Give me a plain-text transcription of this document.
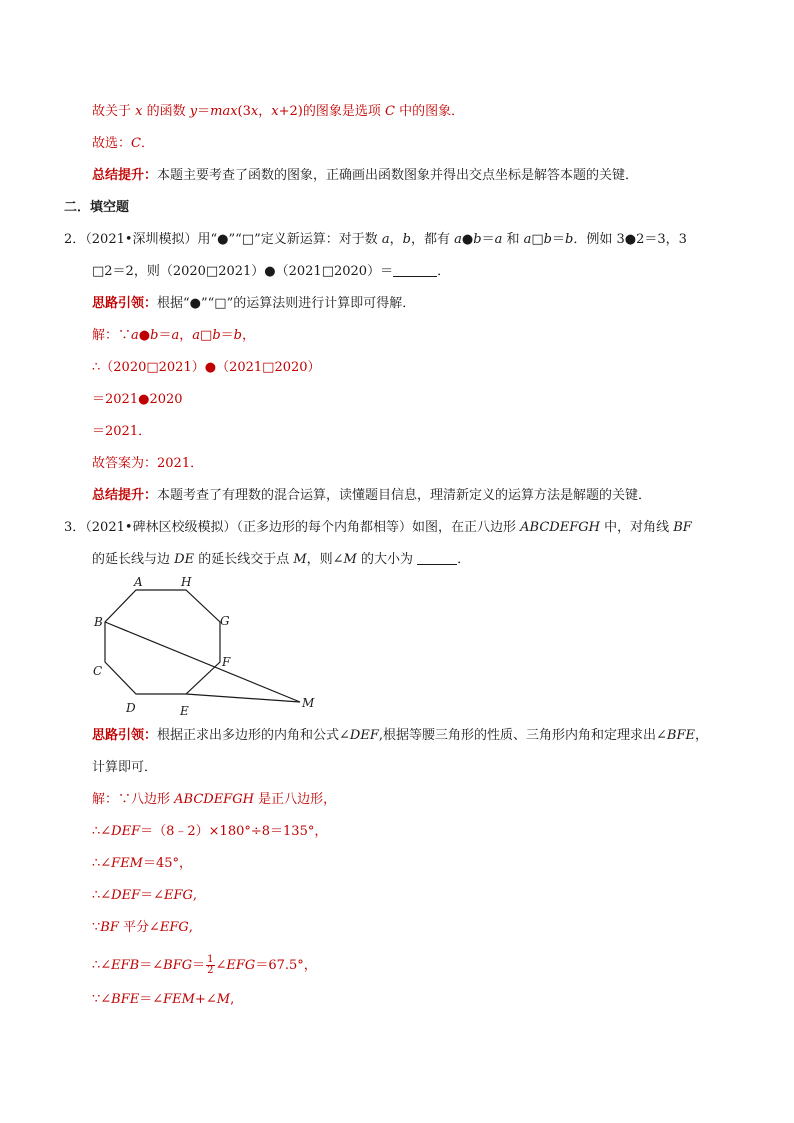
故关于 x 的函数 y＝max(3x，x+2)的图象是选项 C 中的图象．
故选：C．
总结提升：本题主要考查了函数的图象，正确画出函数图象并得出交点坐标是解答本题的关键．
二．填空题
2．（2021•深圳模拟）用“●”“□”定义新运算：对于数 a，b，都有 a●b＝a 和 a□b＝b．例如 3●2＝3，3
□2＝2，则（2020□2021）●（2021□2020）＝	．
思路引领：根据“●”“□”的运算法则进行计算即可得解．
解：∵a●b＝a，a□b＝b，
∴（2020□2021）●（2021□2020）
＝2021●2020
＝2021．
故答案为：2021．
总结提升：本题考查了有理数的混合运算，读懂题目信息，理清新定义的运算方法是解题的关键．
3．（2021•碑林区校级模拟）（正多边形的每个内角都相等）如图，在正八边形 ABCDEFGH 中，对角线 BF
的延长线与边 DE 的延长线交于点 M，则∠M 的大小为	．
A	H
B	G
C
F
D	E
M
思路引领：根据正求出多边形的内角和公式∠DEF,根据等腰三角形的性质、三角形内角和定理求出∠BFE，
计算即可．
解：∵八边形 ABCDEFGH 是正八边形，
∴∠DEF＝（8﹣2）×180°÷8＝135°，
∴∠FEM＝45°，
∴∠DEF＝∠EFG,
∵BF 平分∠EFG,
∴∠EFB＝∠BFG＝ $\frac{1}{2}$ ∠EFG＝67.5°，
∵∠BFE＝∠FEM+∠M,
